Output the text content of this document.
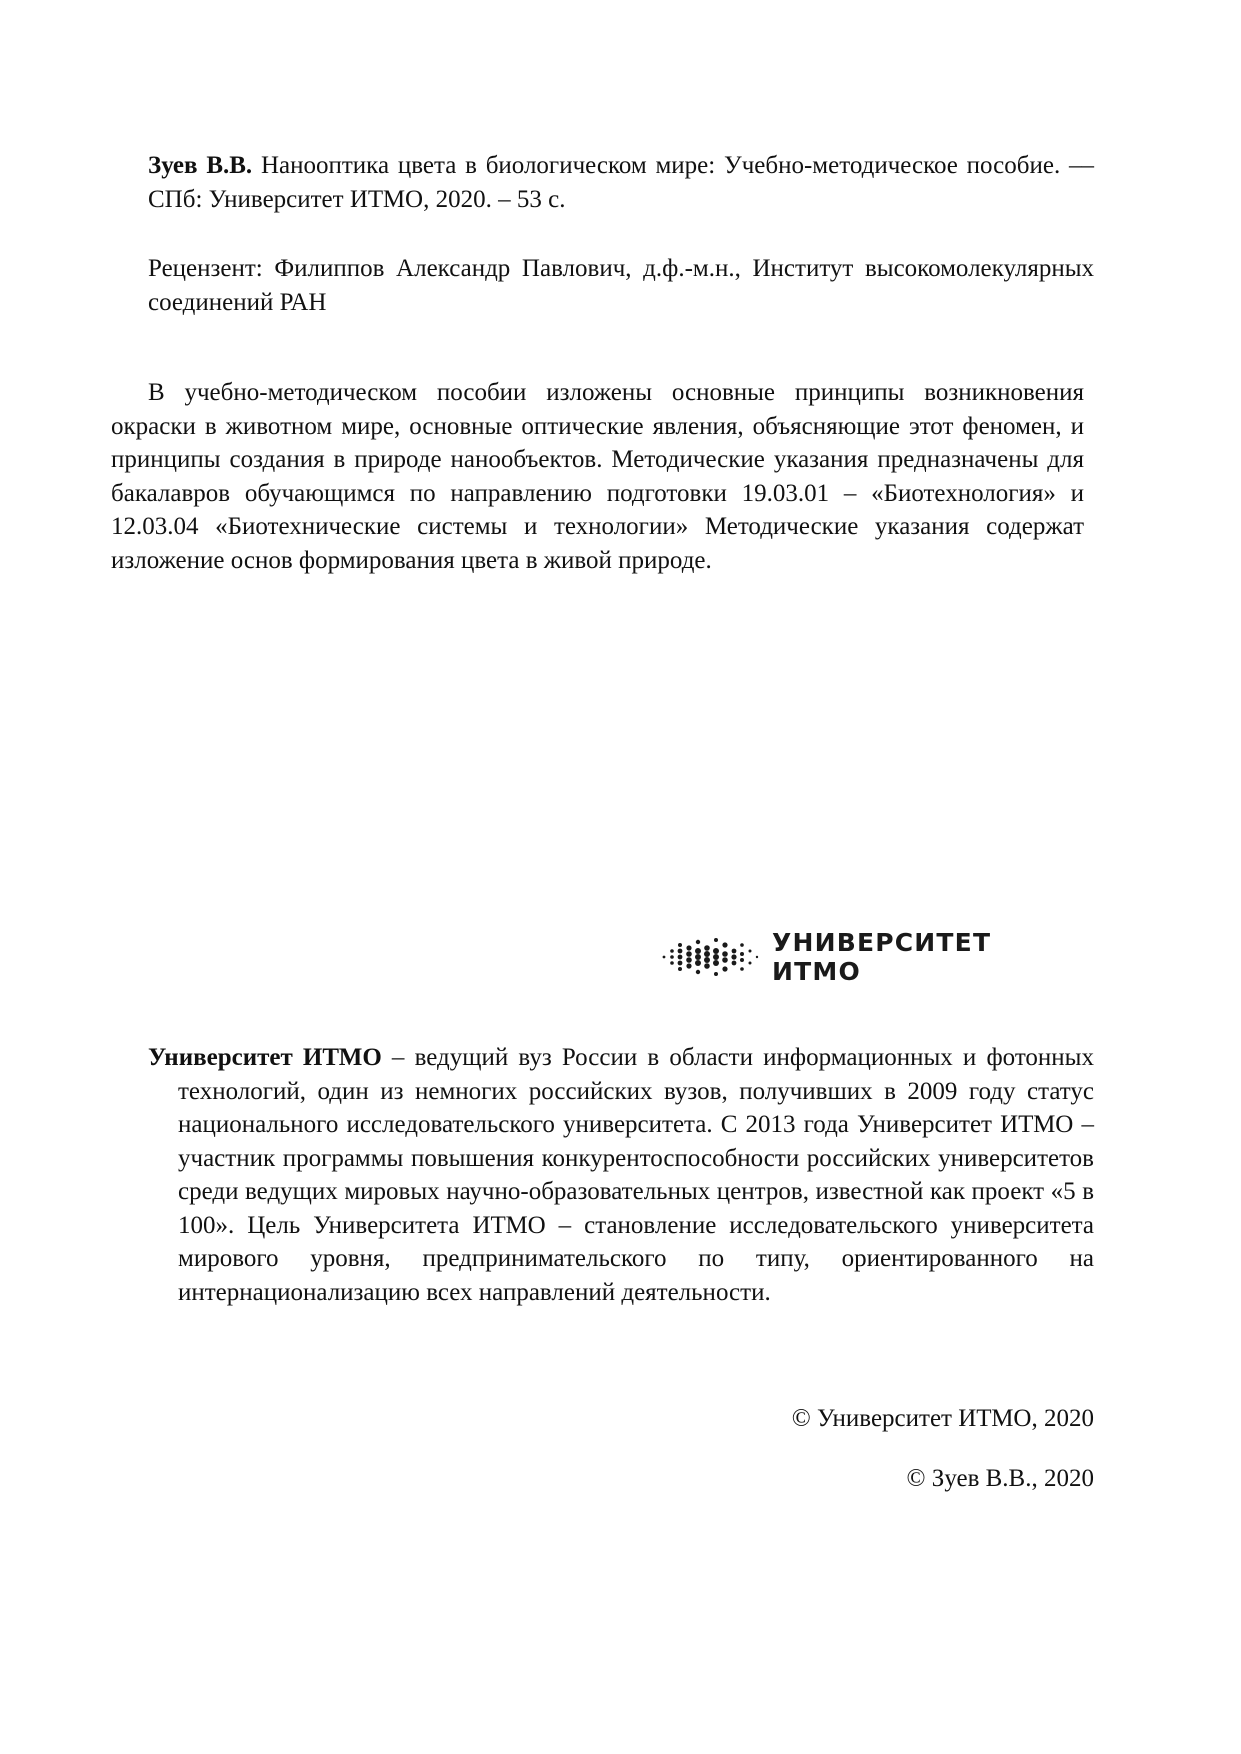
Зуев В.В. Нанооптика цвета в биологическом мире: Учебно-методическое пособие. –– СПб: Университет ИТМО, 2020. – 53 с.

Рецензент: Филиппов Александр Павлович, д.ф.-м.н., Институт высокомолекулярных соединений РАН

В учебно-методическом пособии изложены основные принципы возникновения окраски в животном мире, основные оптические явления, объясняющие этот феномен, и принципы создания в природе нанообъектов. Методические указания предназначены для бакалавров обучающимся по направлению подготовки 19.03.01 – «Биотехнология» и 12.03.04 «Биотехнические системы и технологии» Методические указания содержат изложение основ формирования цвета в живой природе.

УНИВЕРСИТЕТ ИТМО

Университет ИТМО – ведущий вуз России в области информационных и фотонных технологий, один из немногих российских вузов, получивших в 2009 году статус национального исследовательского университета. С 2013 года Университет ИТМО – участник программы повышения конкурентоспособности российских университетов среди ведущих мировых научно-образовательных центров, известной как проект «5 в 100». Цель Университета ИТМО – становление исследовательского университета мирового уровня, предпринимательского по типу, ориентированного на интернационализацию всех направлений деятельности.

© Университет ИТМО, 2020

© Зуев В.В., 2020
